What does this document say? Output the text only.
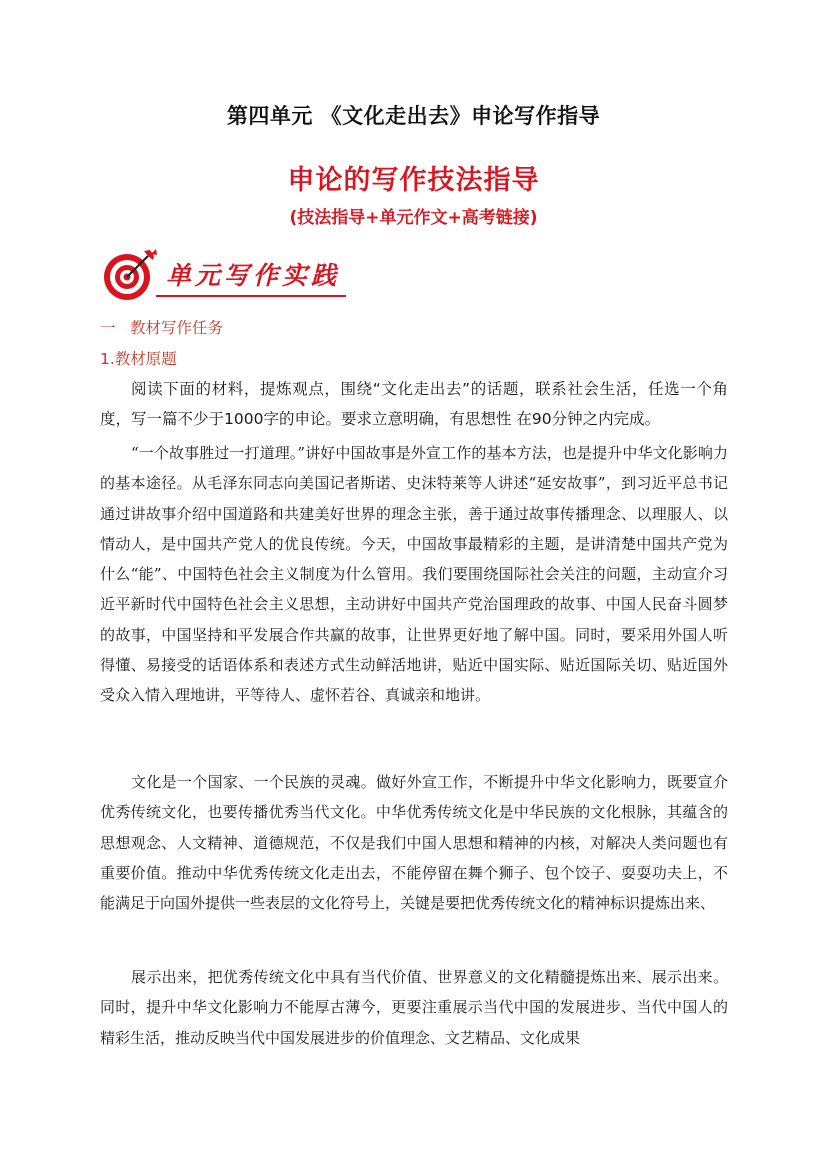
第四单元 《文化走出去》申论写作指导
申论的写作技法指导
(技法指导+单元作文+高考链接)
单元写作实践
一 教材写作任务
1.教材原题

阅读下面的材料，提炼观点，围绕“文化走出去”的话题，联系社会生活，任选一个角度，写一篇不少于1000字的申论。要求立意明确，有思想性 在90分钟之内完成。

“一个故事胜过一打道理。”讲好中国故事是外宣工作的基本方法，也是提升中华文化影响力的基本途径。从毛泽东同志向美国记者斯诺、史沫特莱等人讲述“延安故事”，到习近平总书记通过讲故事介绍中国道路和共建美好世界的理念主张，善于通过故事传播理念、以理服人、以情动人，是中国共产党人的优良传统。今天，中国故事最精彩的主题，是讲清楚中国共产党为什么“能”、中国特色社会主义制度为什么管用。我们要围绕国际社会关注的问题，主动宣介习近平新时代中国特色社会主义思想，主动讲好中国共产党治国理政的故事、中国人民奋斗圆梦的故事，中国坚持和平发展合作共赢的故事，让世界更好地了解中国。同时，要采用外国人听得懂、易接受的话语体系和表述方式生动鲜活地讲，贴近中国实际、贴近国际关切、贴近国外受众入情入理地讲，平等待人、虚怀若谷、真诚亲和地讲。

文化是一个国家、一个民族的灵魂。做好外宣工作，不断提升中华文化影响力，既要宣介优秀传统文化，也要传播优秀当代文化。中华优秀传统文化是中华民族的文化根脉，其蕴含的思想观念、人文精神、道德规范，不仅是我们中国人思想和精神的内核，对解决人类问题也有重要价值。推动中华优秀传统文化走出去，不能停留在舞个狮子、包个饺子、耍耍功夫上，不能满足于向国外提供一些表层的文化符号上，关键是要把优秀传统文化的精神标识提炼出来、

展示出来，把优秀传统文化中具有当代价值、世界意义的文化精髓提炼出来、展示出来。同时，提升中华文化影响力不能厚古薄今，更要注重展示当代中国的发展进步、当代中国人的精彩生活，推动反映当代中国发展进步的价值理念、文艺精品、文化成果
